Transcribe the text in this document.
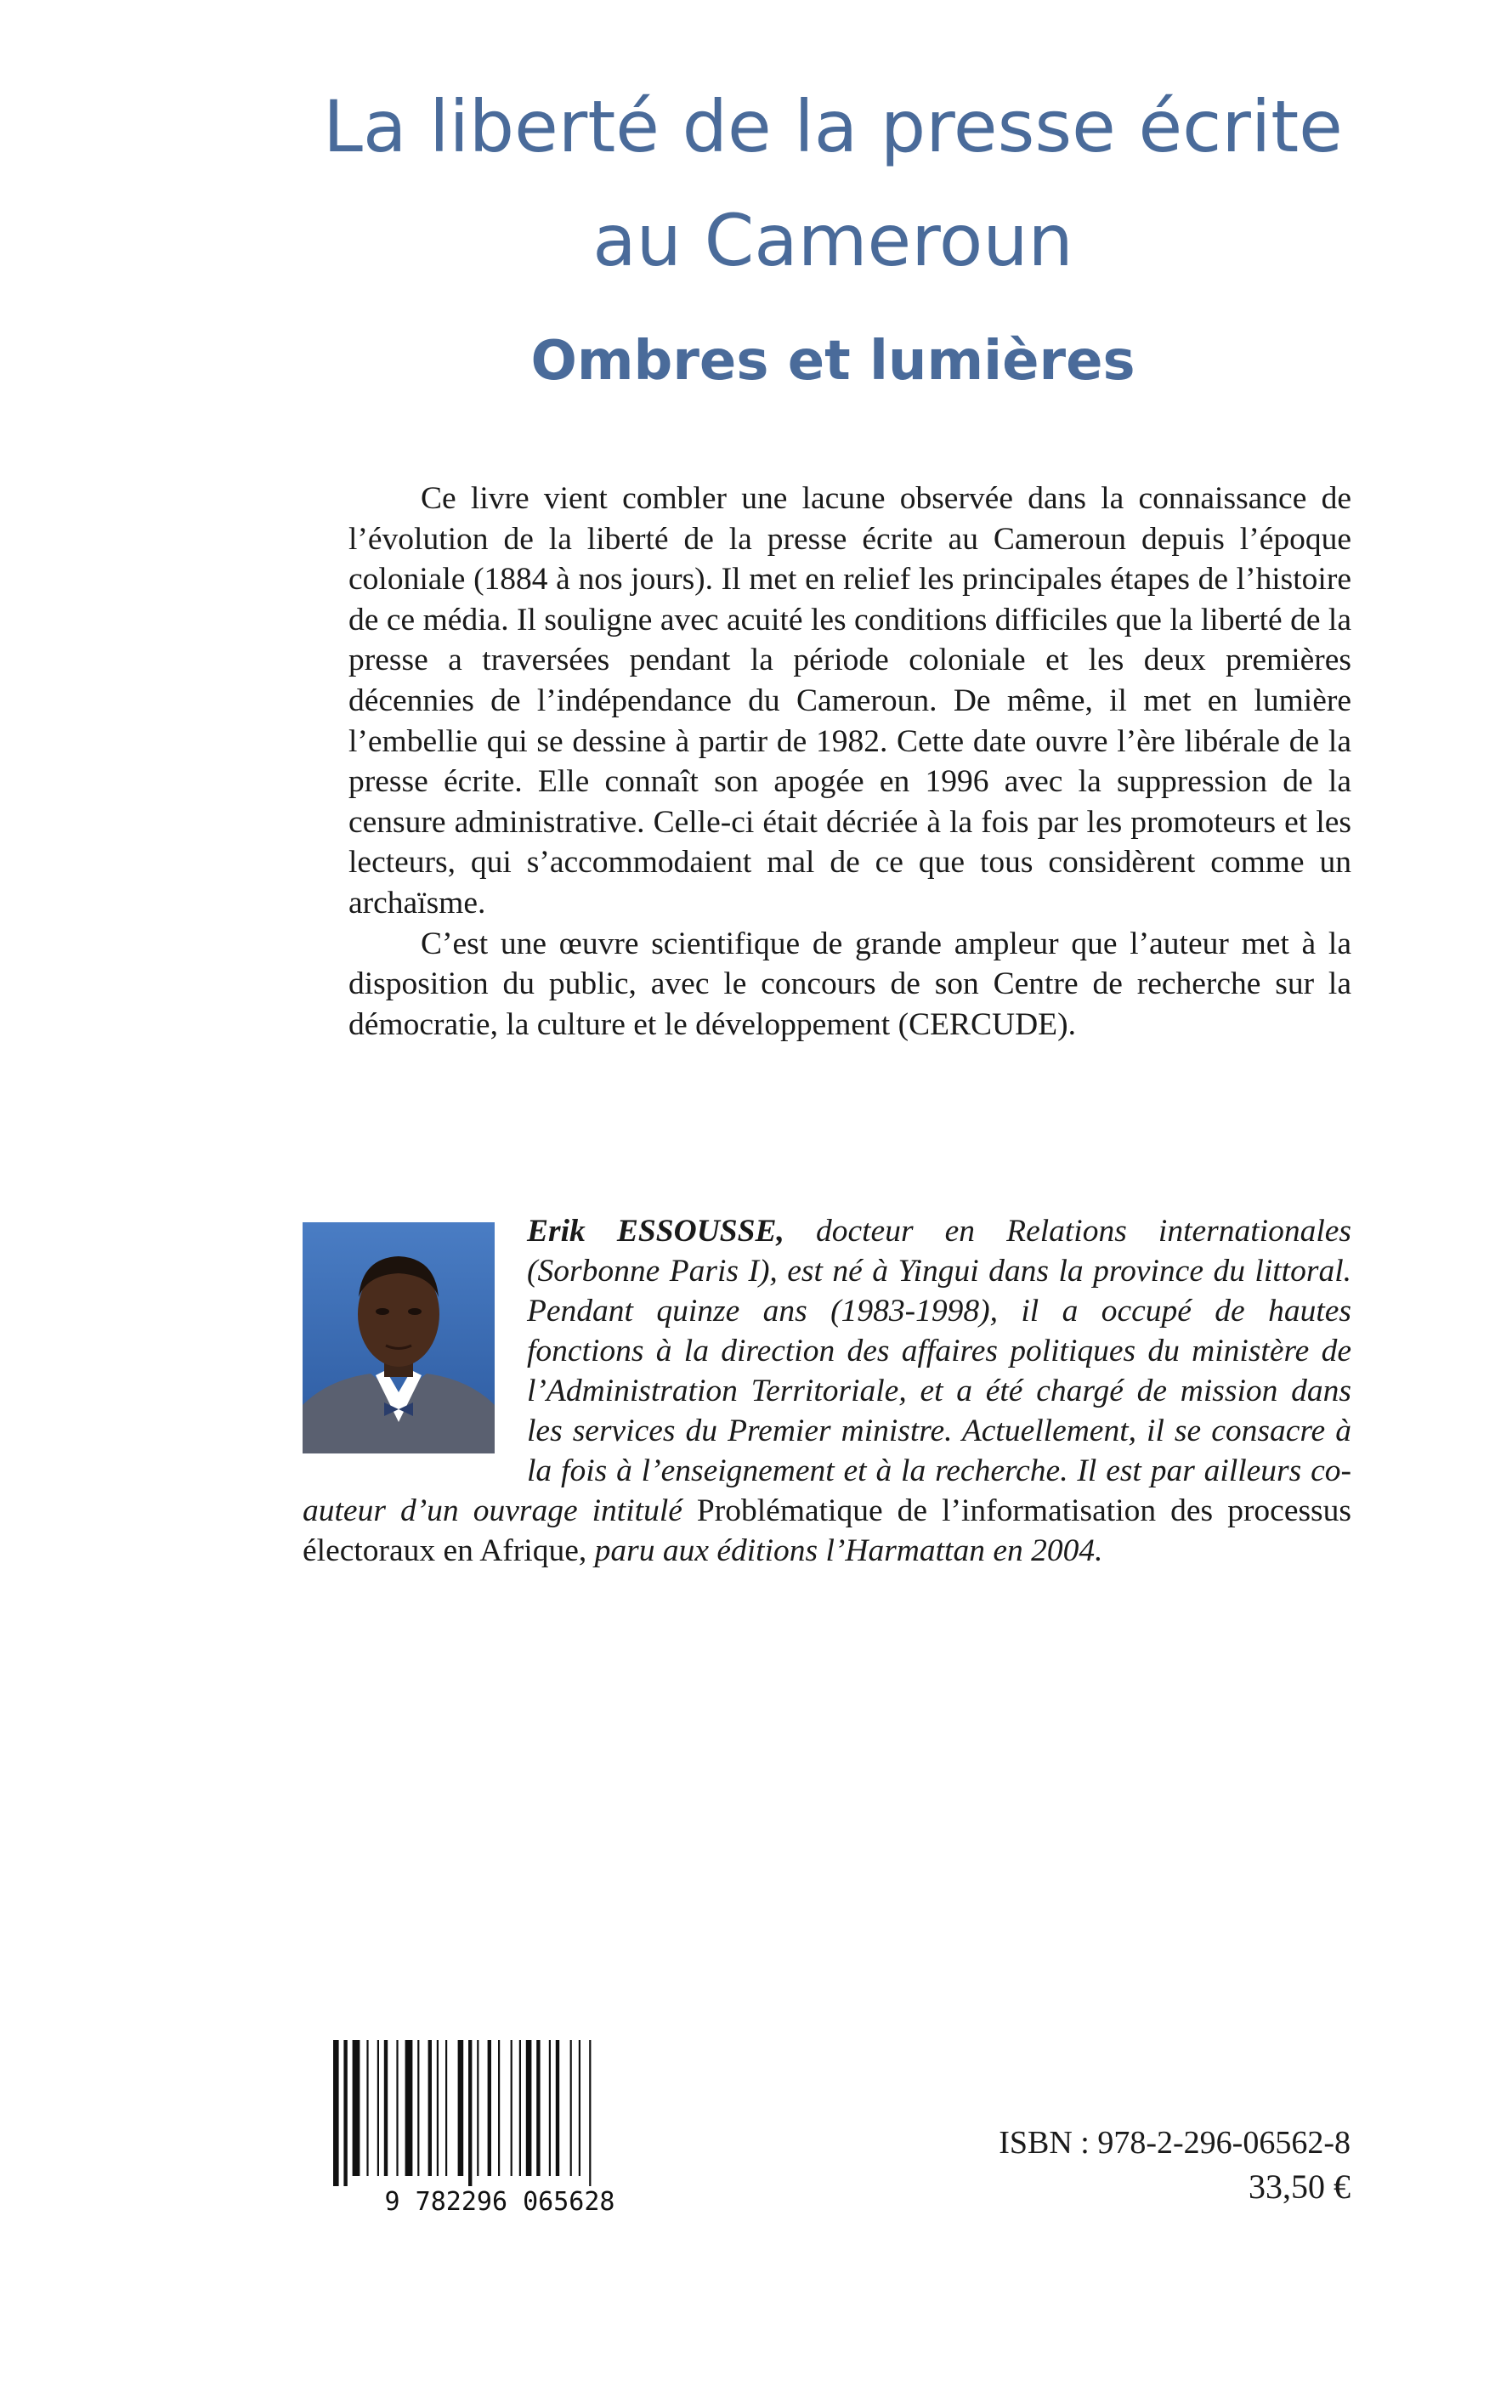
La liberté de la presse écrite
au Cameroun
Ombres et lumières

Ce livre vient combler une lacune observée dans la connaissance de l’évolution de la liberté de la presse écrite au Cameroun depuis l’époque coloniale (1884 à nos jours). Il met en relief les principales étapes de l’histoire de ce média. Il souligne avec acuité les conditions difficiles que la liberté de la presse a traversées pendant la période coloniale et les deux premières décennies de l’indépendance du Cameroun. De même, il met en lumière l’embellie qui se dessine à partir de 1982. Cette date ouvre l’ère libérale de la presse écrite. Elle connaît son apogée en 1996 avec la suppression de la censure administrative. Celle-ci était décriée à la fois par les promoteurs et les lecteurs, qui s’accommodaient mal de ce que tous considèrent comme un archaïsme.

C’est une œuvre scientifique de grande ampleur que l’auteur met à la disposition du public, avec le concours de son Centre de recherche sur la démocratie, la culture et le développement (CERCUDE).

Erik ESSOUSSE, docteur en Relations internationales (Sorbonne Paris I), est né à Yingui dans la province du littoral. Pendant quinze ans (1983-1998), il a occupé de hautes fonctions à la direction des affaires politiques du ministère de l’Administration Territoriale, et a été chargé de mission dans les services du Premier ministre. Actuellement, il se consacre à la fois à l’enseignement et à la recherche. Il est par ailleurs co-auteur d’un ouvrage intitulé Problématique de l’informatisation des processus électoraux en Afrique, paru aux éditions l’Harmattan en 2004.
9 782296 065628

ISBN : 978-2-296-06562-8

33,50 €
